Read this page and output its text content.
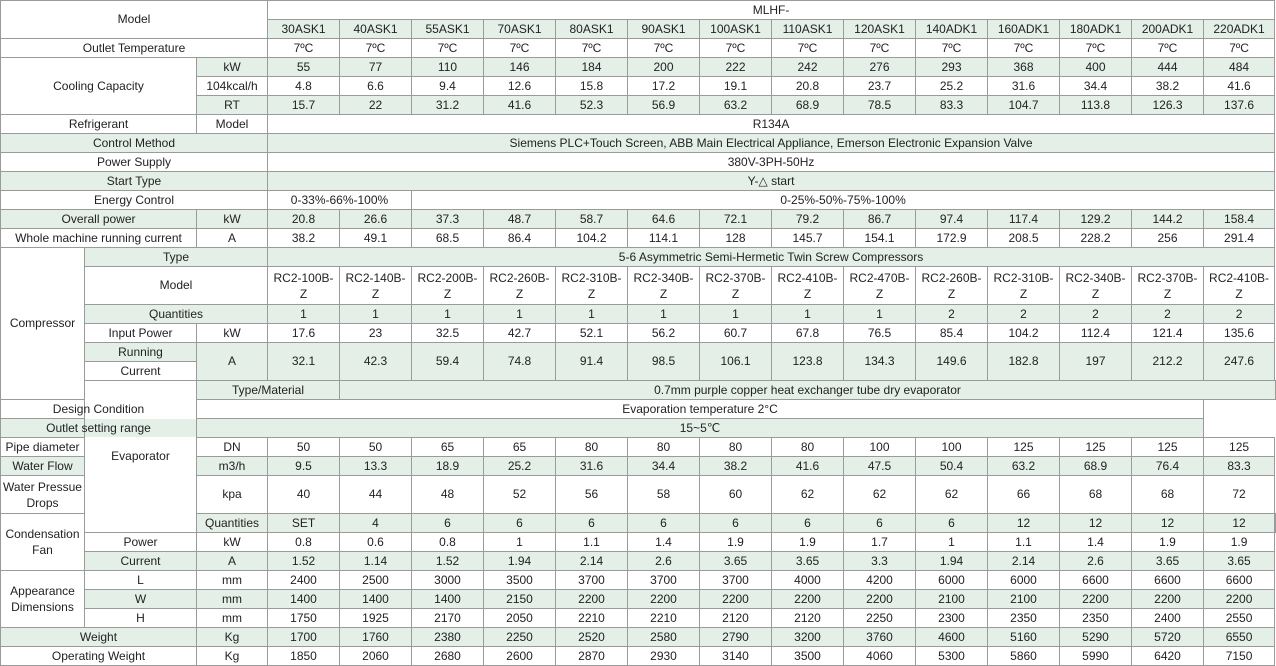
Model			MLHF-														
			30ASK1	40ASK1	55ASK1	70ASK1	80ASK1	90ASK1	100ASK1	110ASK1	120ASK1	140ADK1	160ADK1	180ADK1	200ADK1	220ADK1	
Outlet Temperature			7ºC	7ºC	7ºC	7ºC	7ºC	7ºC	7ºC	7ºC	7ºC	7ºC	7ºC	7ºC	7ºC	7ºC	
Cooling Capacity		kW	55	77	110	146	184	200	222	242	276	293	368	400	444	484	
		104kcal/h	4.8	6.6	9.4	12.6	15.8	17.2	19.1	20.8	23.7	25.2	31.6	34.4	38.2	41.6	
		RT	15.7	22	31.2	41.6	52.3	56.9	63.2	68.9	78.5	83.3	104.7	113.8	126.3	137.6	
Refrigerant		Model	R134A														
Control Method			Siemens PLC+Touch Screen, ABB Main Electrical Appliance, Emerson Electronic Expansion Valve														
Power Supply			380V-3PH-50Hz														
Start Type			Y-△ start														
Energy Control			0-33%-66%-100%		0-25%-50%-75%-100%												
Overall power		kW	20.8	26.6	37.3	48.7	58.7	64.6	72.1	79.2	86.7	97.4	117.4	129.2	144.2	158.4	
Whole machine running current		A	38.2	49.1	68.5	86.4	104.2	114.1	128	145.7	154.1	172.9	208.5	228.2	256	291.4	
Compressor	Type		5-6 Asymmetric Semi-Hermetic Twin Screw Compressors														
	Model		RC2-100B-Z	RC2-140B-Z	RC2-200B-Z	RC2-260B-Z	RC2-310B-Z	RC2-340B-Z	RC2-370B-Z	RC2-410B-Z	RC2-470B-Z	RC2-260B-Z	RC2-310B-Z	RC2-340B-Z	RC2-370B-Z	RC2-410B-Z	
	Quantities		1	1	1	1	1	1	1	1	1	2	2	2	2	2	
	Input Power	kW	17.6	23	32.5	42.7	52.1	56.2	60.7	67.8	76.5	85.4	104.2	112.4	121.4	135.6	
	Running	A	32.1	42.3	59.4	74.8	91.4	98.5	106.1	123.8	134.3	149.6	182.8	197	212.2	247.6	
	Current																
	Evaporator	Type/Material		0.7mm purple copper heat exchanger tube dry evaporator													
Design Condition		Evaporation temperature 2°C															
Outlet setting range		15~5℃															
Pipe diameter		DN	50	50	65	65	80	80	80	80	100	100	125	125	125	125	
Water Flow		m3/h	9.5	13.3	18.9	25.2	31.6	34.4	38.2	41.6	47.5	50.4	63.2	68.9	76.4	83.3	
Water Pressue Drops		kpa	40	44	48	52	56	58	60	62	62	62	66	68	68	72	
Condensation Fan		Quantities	SET	4	6	6	6	6	6	6	6	6	12	12	12	12	
	Power	kW	0.8	0.6	0.8	1	1.1	1.4	1.9	1.9	1.7	1	1.1	1.4	1.9	1.9	
	Current	A	1.52	1.14	1.52	1.94	2.14	2.6	3.65	3.65	3.3	1.94	2.14	2.6	3.65	3.65	
Appearance Dimensions	L	mm	2400	2500	3000	3500	3700	3700	3700	4000	4200	6000	6000	6600	6600	6600	
	W	mm	1400	1400	1400	2150	2200	2200	2200	2200	2200	2100	2100	2200	2200	2200	
	H	mm	1750	1925	2170	2050	2210	2210	2120	2120	2250	2300	2350	2350	2400	2550	
Weight		Kg	1700	1760	2380	2250	2520	2580	2790	3200	3760	4600	5160	5290	5720	6550	
Operating Weight		Kg	1850	2060	2680	2600	2870	2930	3140	3500	4060	5300	5860	5990	6420	7150	
